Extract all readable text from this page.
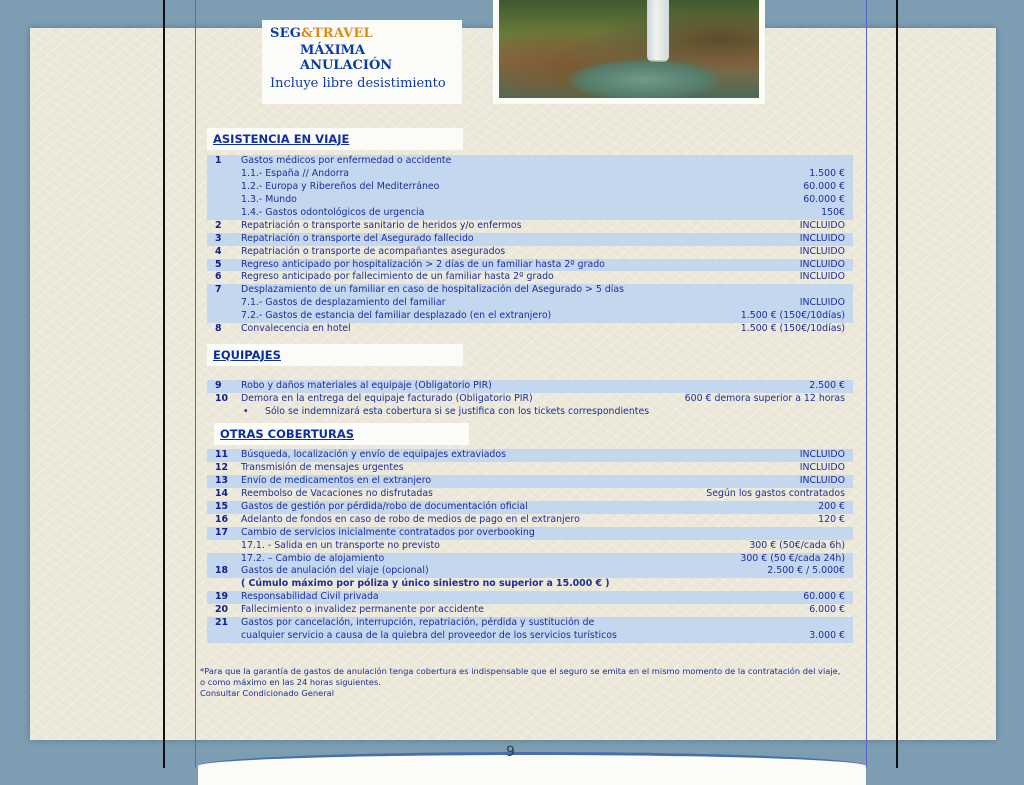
SEG&TRAVEL
MÁXIMA ANULACIÓN
Incluye libre desistimiento
ASISTENCIA EN VIAJE
1 Gastos médicos por enfermedad o accidente
1.1.- España // Andorra	1.500 €
1.2.- Europa y Ribereños del Mediterráneo	60.000 €
1.3.- Mundo	60.000 €
1.4.- Gastos odontológicos de urgencia	150€
2 Repatriación o transporte sanitario de heridos y/o enfermos	INCLUIDO
3 Repatriación o transporte del Asegurado fallecido	INCLUIDO
4 Repatriación o transporte de acompañantes asegurados	INCLUIDO
5 Regreso anticipado por hospitalización > 2 días de un familiar hasta 2º grado	INCLUIDO
6 Regreso anticipado por fallecimiento de un familiar hasta 2º grado	INCLUIDO
7 Desplazamiento de un familiar en caso de hospitalización del Asegurado > 5 días
7.1.- Gastos de desplazamiento del familiar	INCLUIDO
7.2.- Gastos de estancia del familiar desplazado (en el extranjero)	1.500 € (150€/10días)
8 Convalecencia en hotel	1.500 € (150€/10días)
EQUIPAJES
9 Robo y daños materiales al equipaje (Obligatorio PIR)	2.500 €
10 Demora en la entrega del equipaje facturado (Obligatorio PIR)	600 € demora superior a 12 horas
• Sólo se indemnizará esta cobertura si se justifica con los tickets correspondientes
OTRAS COBERTURAS
11 Búsqueda, localización y envío de equipajes extraviados	INCLUIDO
12 Transmisión de mensajes urgentes	INCLUIDO
13 Envío de medicamentos en el extranjero	INCLUIDO
14 Reembolso de Vacaciones no disfrutadas	Según los gastos contratados
15 Gastos de gestión por pérdida/robo de documentación oficial	200 €
16 Adelanto de fondos en caso de robo de medios de pago en el extranjero	120 €
17 Cambio de servicios inicialmente contratados por overbooking
17.1. - Salida en un transporte no previsto	300 € (50€/cada 6h)
17.2. – Cambio de alojamiento	300 € (50 €/cada 24h)
18 Gastos de anulación del viaje (opcional)	2.500 € / 5.000€
( Cúmulo máximo por póliza y único siniestro no superior a 15.000 € )
19 Responsabilidad Civil privada	60.000 €
20 Fallecimiento o invalidez permanente por accidente	6.000 €
21 Gastos por cancelación, interrupción, repatriación, pérdida y sustitución de
cualquier servicio a causa de la quiebra del proveedor de los servicios turísticos	3.000 €
*Para que la garantía de gastos de anulación tenga cobertura es indispensable que el seguro se emita en el mismo momento de la contratación del viaje,
o como máximo en las 24 horas siguientes.
Consultar Condicionado General
9
